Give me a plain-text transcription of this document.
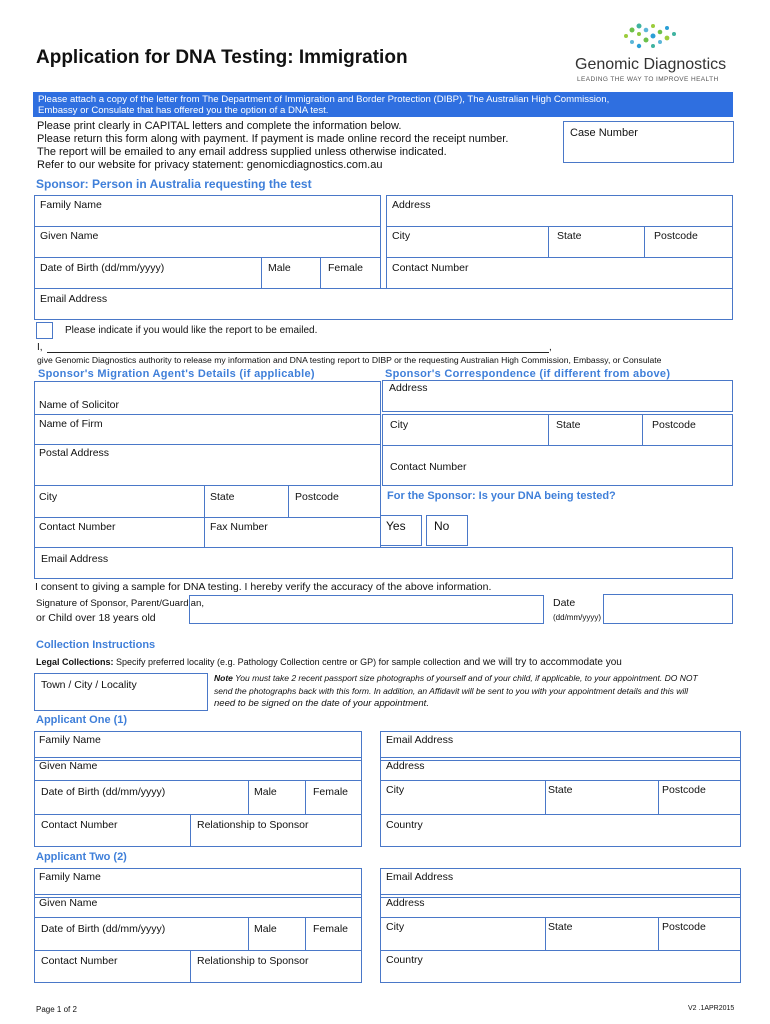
Application for DNA Testing: Immigration	Genomic Diagnostics
LEADING THE WAY TO IMPROVE HEALTH
Please attach a copy of the letter from The Department of Immigration and Border Protection (DIBP), The Australian High Commission,
Embassy or Consulate that has offered you the option of a DNA test.
Please print clearly in CAPITAL letters and complete the information below.
Please return this form along with payment. If payment is made online record the receipt number.
The report will be emailed to any email address supplied unless otherwise indicated.
Refer to our website for privacy statement: genomicdiagnostics.com.au
Case Number
Sponsor: Person in Australia requesting the test
Family Name	Address
Given Name	City	State	Postcode
Date of Birth (dd/mm/yyyy)	Male	Female	Contact Number
Email Address
Please indicate if you would like the report to be emailed.
I,	,
give Genomic Diagnostics authority to release my information and DNA testing report to DIBP or the requesting Australian High Commission, Embassy, or Consulate
Sponsor's Migration Agent's Details (if applicable)	Sponsor's Correspondence (if different from above)
Name of Solicitor
Name of Firm
Postal Address
City	State	Postcode
Contact Number	Fax Number
Address
City	State	Postcode
Contact Number
For the Sponsor: Is your DNA being tested?
Yes No
Email Address
I consent to giving a sample for DNA testing. I hereby verify the accuracy of the above information.
Signature of Sponsor, Parent/Guardian,
or Child over 18 years old
Date
(dd/mm/yyyy)
Collection Instructions
Legal Collections: Specify preferred locality (e.g. Pathology Collection centre or GP) for sample collection and we will try to accommodate you
Town / City / Locality
Note You must take 2 recent passport size photographs of yourself and of your child, if applicable, to your appointment. DO NOT
send the photographs back with this form. In addition, an Affidavit will be sent to you with your appointment details and this will
need to be signed on the date of your appointment.
Applicant One (1)
Family Name	Email Address
Given Name	Address
Date of Birth (dd/mm/yyyy)	Male	Female	City	State	Postcode
Contact Number	Relationship to Sponsor	Country
Applicant Two (2)
Family Name	Email Address
Given Name	Address
Date of Birth (dd/mm/yyyy)	Male	Female	City	State	Postcode
Contact Number	Relationship to Sponsor	Country
Page 1 of 2	V2 .1APR2015
